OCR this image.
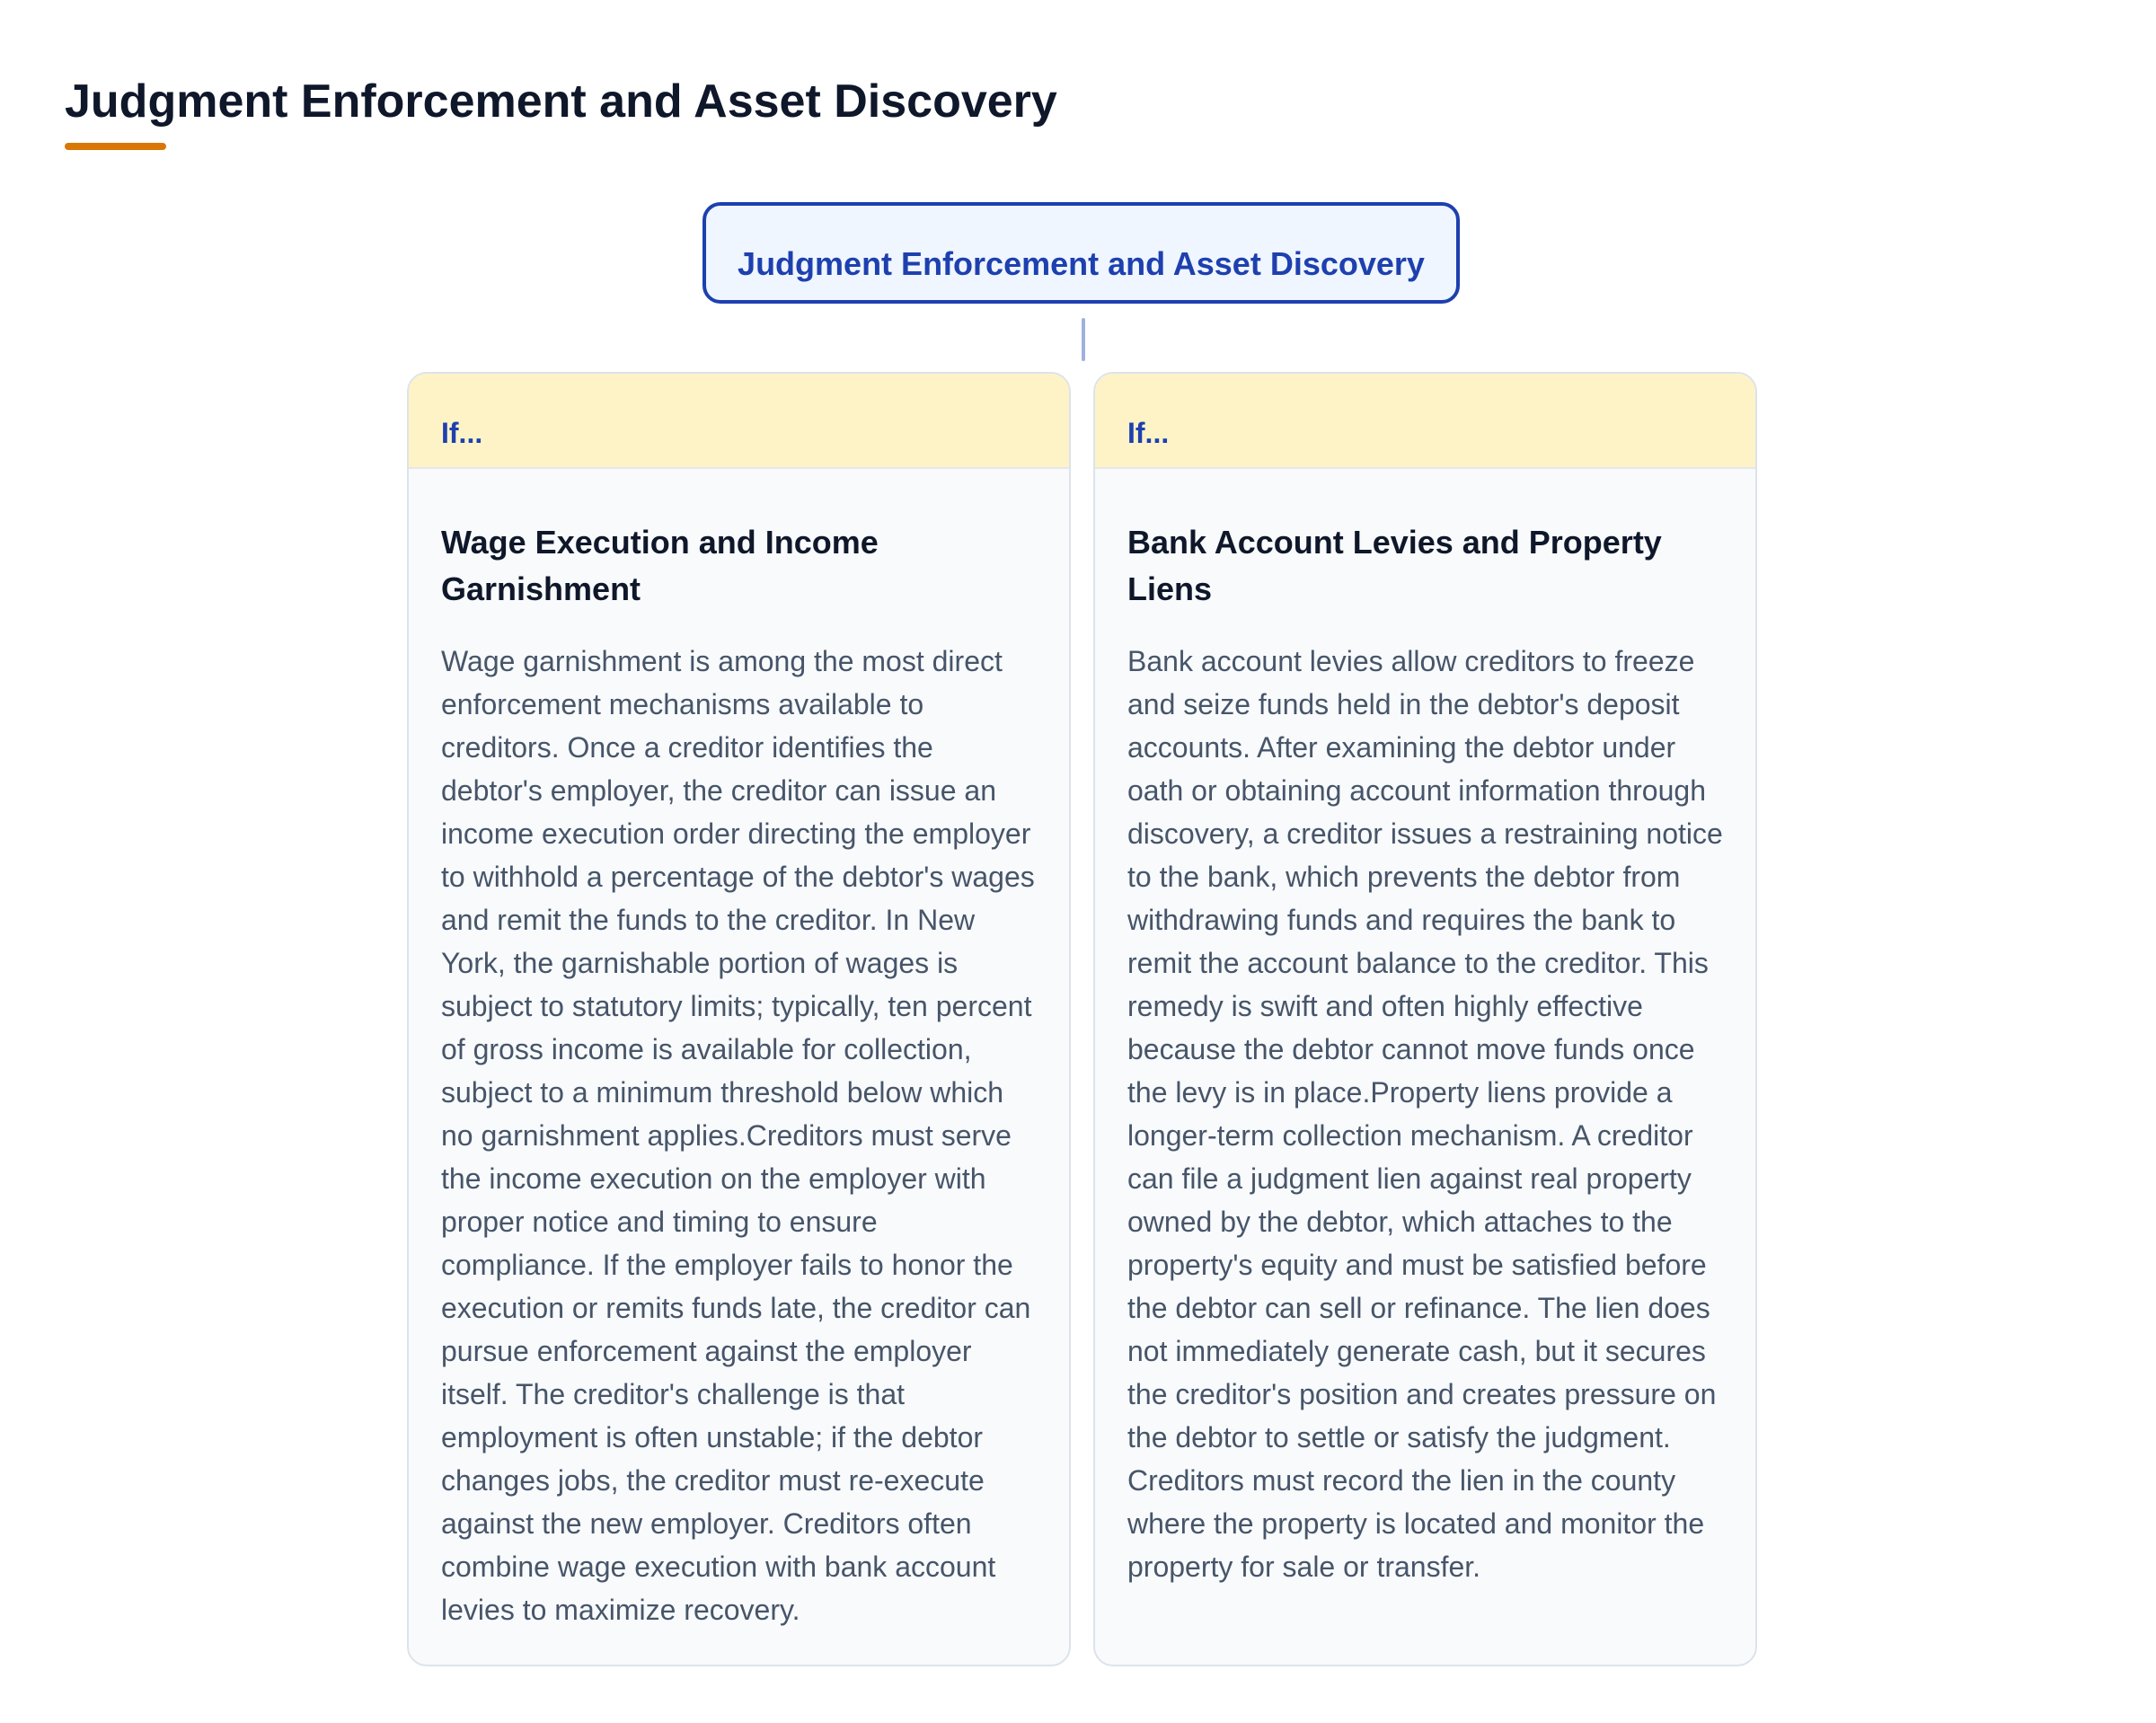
Judgment Enforcement and Asset Discovery
Judgment Enforcement and Asset Discovery
If...
Wage Execution and Income Garnishment

Wage garnishment is among the most direct enforcement mechanisms available to creditors. Once a creditor identifies the debtor's employer, the creditor can issue an income execution order directing the employer to withhold a percentage of the debtor's wages and remit the funds to the creditor. In New York, the garnishable portion of wages is subject to statutory limits; typically, ten percent of gross income is available for collection, subject to a minimum threshold below which no garnishment applies.Creditors must serve the income execution on the employer with proper notice and timing to ensure compliance. If the employer fails to honor the execution or remits funds late, the creditor can pursue enforcement against the employer itself. The creditor's challenge is that employment is often unstable; if the debtor changes jobs, the creditor must re-execute against the new employer. Creditors often combine wage execution with bank account levies to maximize recovery.

If...
Bank Account Levies and Property Liens

Bank account levies allow creditors to freeze and seize funds held in the debtor's deposit accounts. After examining the debtor under oath or obtaining account information through discovery, a creditor issues a restraining notice to the bank, which prevents the debtor from withdrawing funds and requires the bank to remit the account balance to the creditor. This remedy is swift and often highly effective because the debtor cannot move funds once the levy is in place.Property liens provide a longer-term collection mechanism. A creditor can file a judgment lien against real property owned by the debtor, which attaches to the property's equity and must be satisfied before the debtor can sell or refinance. The lien does not immediately generate cash, but it secures the creditor's position and creates pressure on the debtor to settle or satisfy the judgment. Creditors must record the lien in the county where the property is located and monitor the property for sale or transfer.
